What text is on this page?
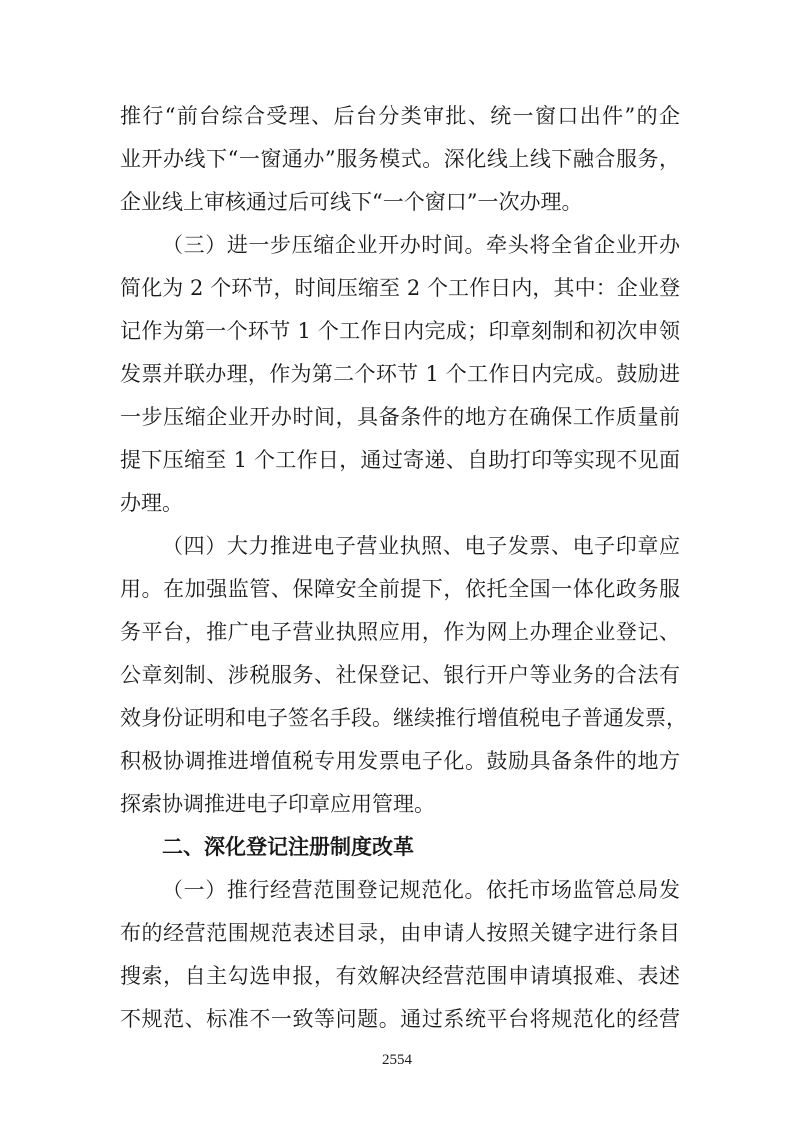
推行“前台综合受理、后台分类审批、统一窗口出件”的企
业开办线下“一窗通办”服务模式。深化线上线下融合服务，
企业线上审核通过后可线下“一个窗口”一次办理。
（三）进一步压缩企业开办时间。牵头将全省企业开办
简化为 2 个环节，时间压缩至 2 个工作日内，其中：企业登
记作为第一个环节 1 个工作日内完成；印章刻制和初次申领
发票并联办理，作为第二个环节 1 个工作日内完成。鼓励进
一步压缩企业开办时间，具备条件的地方在确保工作质量前
提下压缩至 1 个工作日，通过寄递、自助打印等实现不见面
办理。
（四）大力推进电子营业执照、电子发票、电子印章应
用。在加强监管、保障安全前提下，依托全国一体化政务服
务平台，推广电子营业执照应用，作为网上办理企业登记、
公章刻制、涉税服务、社保登记、银行开户等业务的合法有
效身份证明和电子签名手段。继续推行增值税电子普通发票，
积极协调推进增值税专用发票电子化。鼓励具备条件的地方
探索协调推进电子印章应用管理。
二、深化登记注册制度改革
（一）推行经营范围登记规范化。依托市场监管总局发
布的经营范围规范表述目录，由申请人按照关键字进行条目
搜索，自主勾选申报，有效解决经营范围申请填报难、表述
不规范、标准不一致等问题。通过系统平台将规范化的经营
2554
